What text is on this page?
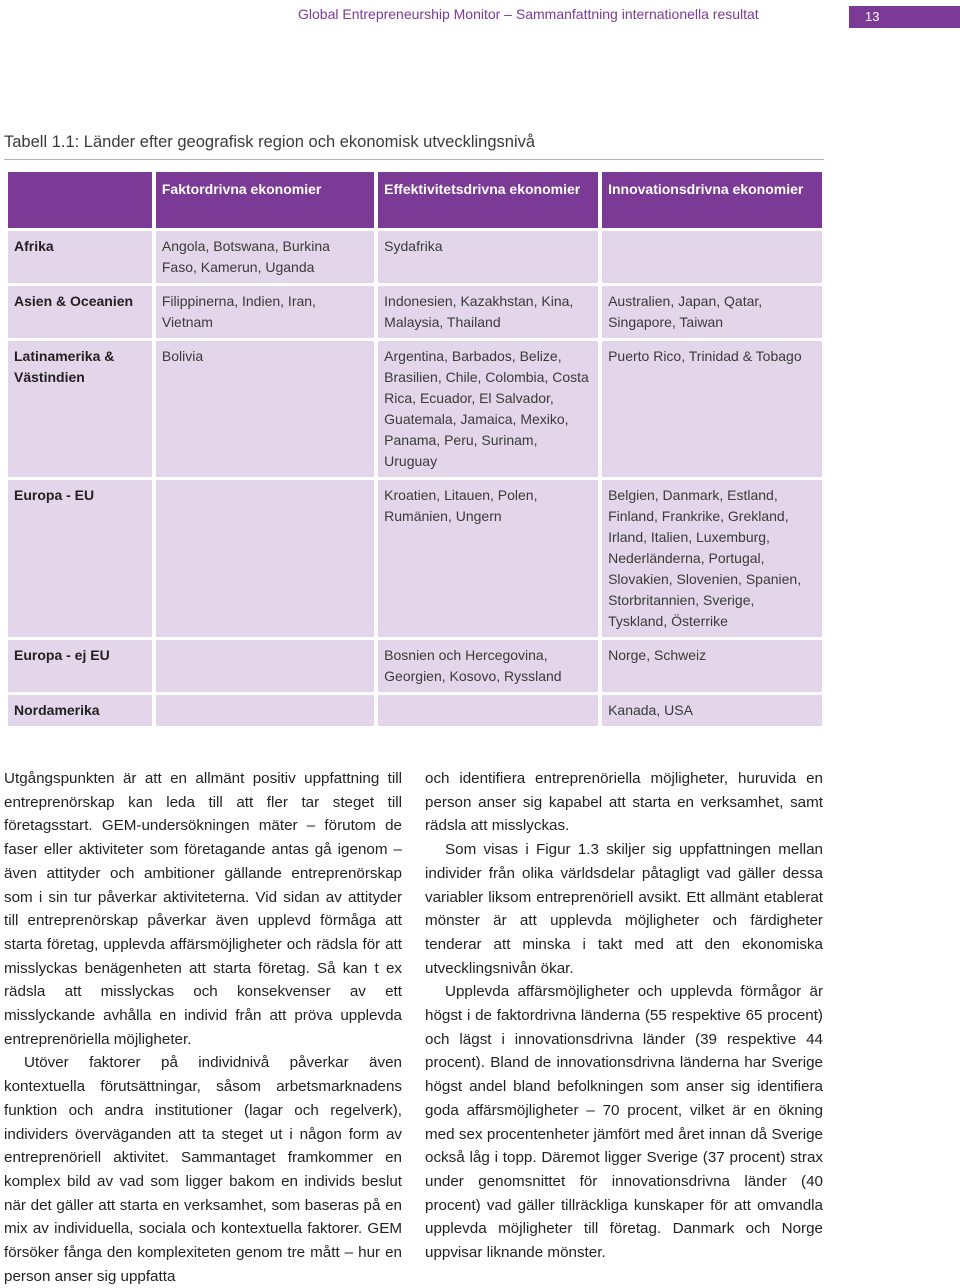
Global Entrepreneurship Monitor – Sammanfattning internationella resultat	13
Tabell 1.1: Länder efter geografisk region och ekonomisk utvecklingsnivå
	Faktordrivna ekonomier	Effektivitetsdrivna ekonomier	Innovationsdrivna ekonomier
Afrika	Angola, Botswana, Burkina Faso, Kamerun, Uganda	Sydafrika	
Asien & Oceanien	Filippinerna, Indien, Iran, Vietnam	Indonesien, Kazakhstan, Kina, Malaysia, Thailand	Australien, Japan, Qatar, Singapore, Taiwan
Latinamerika & Västindien	Bolivia	Argentina, Barbados, Belize, Brasilien, Chile, Colombia, Costa Rica, Ecuador, El Salvador, Guatemala, Jamaica, Mexiko, Panama, Peru, Surinam, Uruguay	Puerto Rico, Trinidad & Tobago
Europa - EU		Kroatien, Litauen, Polen, Rumänien, Ungern	Belgien, Danmark, Estland, Finland, Frankrike, Grekland, Irland, Italien, Luxemburg, Nederländerna, Portugal, Slovakien, Slovenien, Spanien, Storbritannien, Sverige, Tyskland, Österrike
Europa - ej EU		Bosnien och Hercegovina, Georgien, Kosovo, Ryssland	Norge, Schweiz
Nordamerika			Kanada, USA

Utgångspunkten är att en allmänt positiv uppfattning till entreprenörskap kan leda till att fler tar steget till företagsstart. GEM-undersökningen mäter – förutom de faser eller aktiviteter som företagande antas gå igenom – även attityder och ambitioner gällande entreprenörskap som i sin tur påverkar aktiviteterna. Vid sidan av attityder till entreprenörskap påverkar även upplevd förmåga att starta företag, upplevda affärsmöjligheter och rädsla för att misslyckas benägenheten att starta företag. Så kan t ex rädsla att misslyckas och konsekvenser av ett misslyckande avhålla en individ från att pröva upplevda entreprenöriella möjligheter.

Utöver faktorer på individnivå påverkar även kontextuella förutsättningar, såsom arbetsmarknadens funktion och andra institutioner (lagar och regelverk), individers överväganden att ta steget ut i någon form av entreprenöriell aktivitet. Sammantaget framkommer en komplex bild av vad som ligger bakom en individs beslut när det gäller att starta en verksamhet, som baseras på en mix av individuella, sociala och kontextuella faktorer. GEM försöker fånga den komplexiteten genom tre mått – hur en person anser sig uppfatta

och identifiera entreprenöriella möjligheter, huruvida en person anser sig kapabel att starta en verksamhet, samt rädsla att misslyckas.

Som visas i Figur 1.3 skiljer sig uppfattningen mellan individer från olika världsdelar påtagligt vad gäller dessa variabler liksom entreprenöriell avsikt. Ett allmänt etablerat mönster är att upplevda möjligheter och färdigheter tenderar att minska i takt med att den ekonomiska utvecklingsnivån ökar.

Upplevda affärsmöjligheter och upplevda förmågor är högst i de faktordrivna länderna (55 respektive 65 procent) och lägst i innovationsdrivna länder (39 respektive 44 procent). Bland de innovationsdrivna länderna har Sverige högst andel bland befolkningen som anser sig identifiera goda affärsmöjligheter – 70 procent, vilket är en ökning med sex procentenheter jämfört med året innan då Sverige också låg i topp. Däremot ligger Sverige (37 procent) strax under genomsnittet för innovationsdrivna länder (40 procent) vad gäller tillräckliga kunskaper för att omvandla upplevda möjligheter till företag. Danmark och Norge uppvisar liknande mönster.
